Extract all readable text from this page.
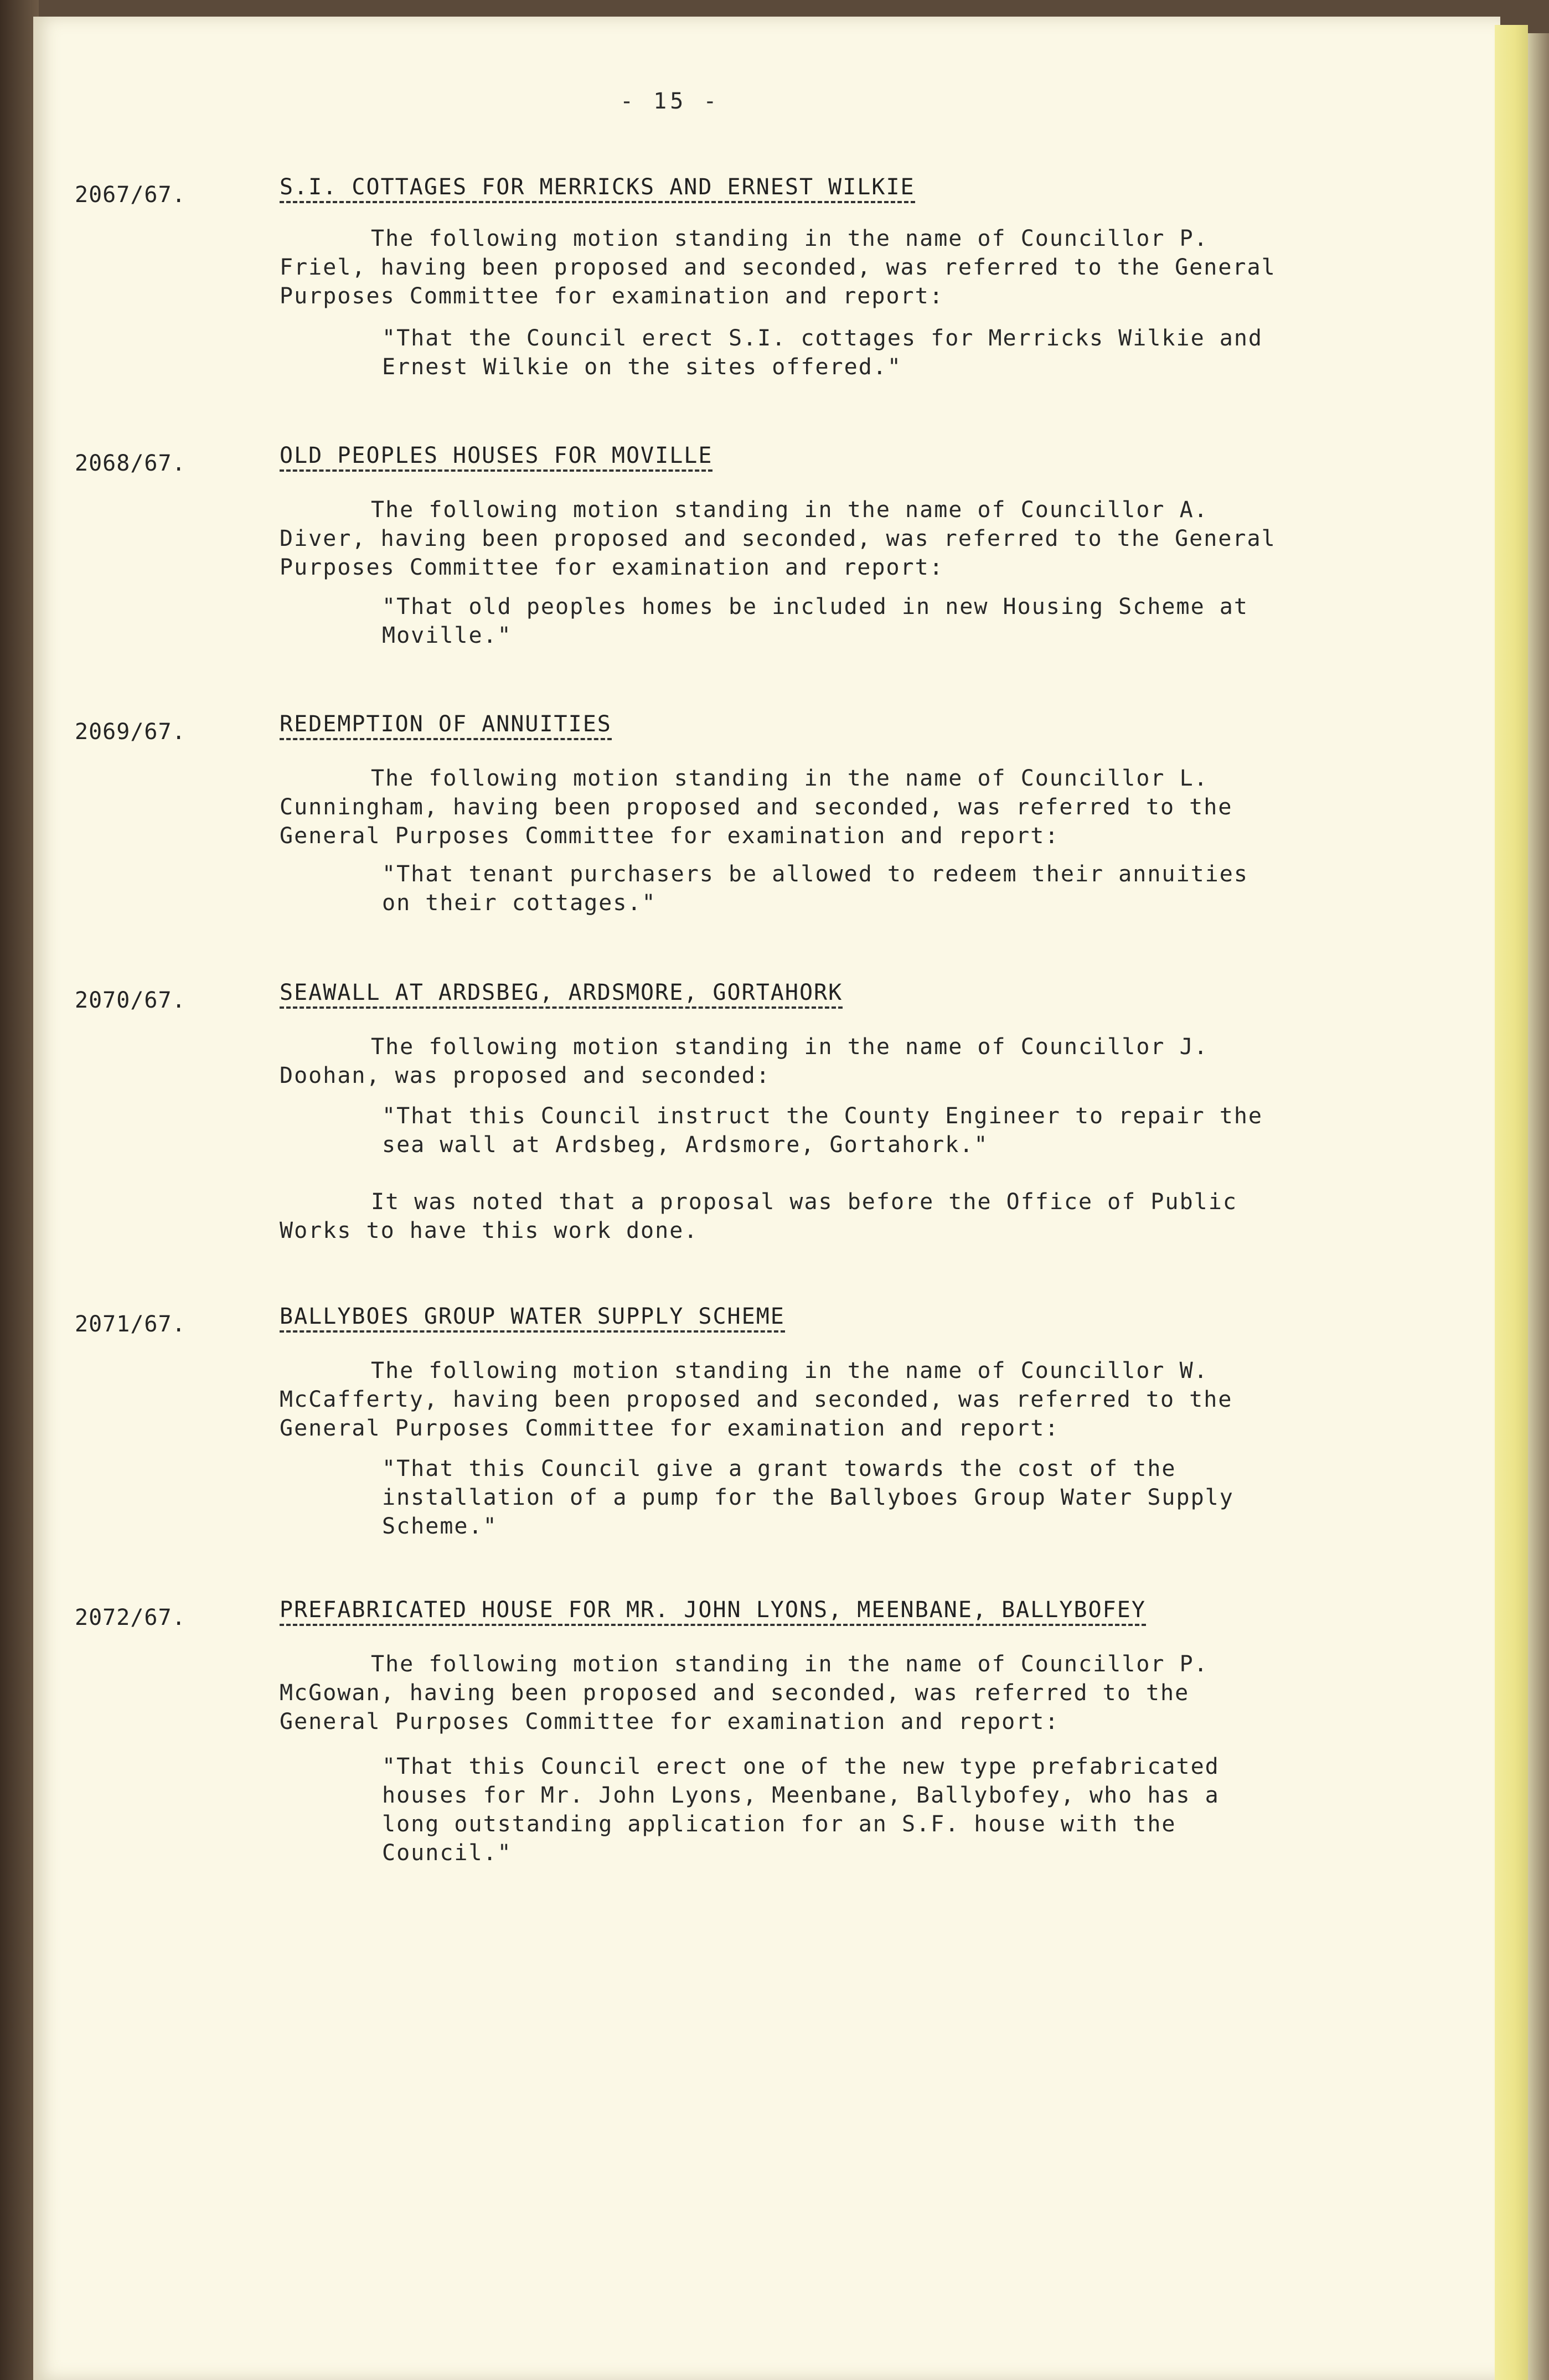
- 15 -
2067/67.	S.I. COTTAGES FOR MERRICKS AND ERNEST WILKIE

The following motion standing in the name of Councillor P. Friel, having been proposed and seconded, was referred to the General Purposes Committee for examination and report:

"That the Council erect S.I. cottages for Merricks Wilkie and Ernest Wilkie on the sites offered."

2068/67.	OLD PEOPLES HOUSES FOR MOVILLE

The following motion standing in the name of Councillor A. Diver, having been proposed and seconded, was referred to the General Purposes Committee for examination and report:

"That old peoples homes be included in new Housing Scheme at Moville."

2069/67.	REDEMPTION OF ANNUITIES

The following motion standing in the name of Councillor L. Cunningham, having been proposed and seconded, was referred to the General Purposes Committee for examination and report:

"That tenant purchasers be allowed to redeem their annuities on their cottages."

2070/67.	SEAWALL AT ARDSBEG, ARDSMORE, GORTAHORK

The following motion standing in the name of Councillor J. Doohan, was proposed and seconded:

"That this Council instruct the County Engineer to repair the sea wall at Ardsbeg, Ardsmore, Gortahork."

It was noted that a proposal was before the Office of Public Works to have this work done.

2071/67.	BALLYBOES GROUP WATER SUPPLY SCHEME

The following motion standing in the name of Councillor W. McCafferty, having been proposed and seconded, was referred to the General Purposes Committee for examination and report:

"That this Council give a grant towards the cost of the installation of a pump for the Ballyboes Group Water Supply Scheme."

2072/67.	PREFABRICATED HOUSE FOR MR. JOHN LYONS, MEENBANE, BALLYBOFEY

The following motion standing in the name of Councillor P. McGowan, having been proposed and seconded, was referred to the General Purposes Committee for examination and report:

"That this Council erect one of the new type prefabricated houses for Mr. John Lyons, Meenbane, Ballybofey, who has a long outstanding application for an S.F. house with the Council."
